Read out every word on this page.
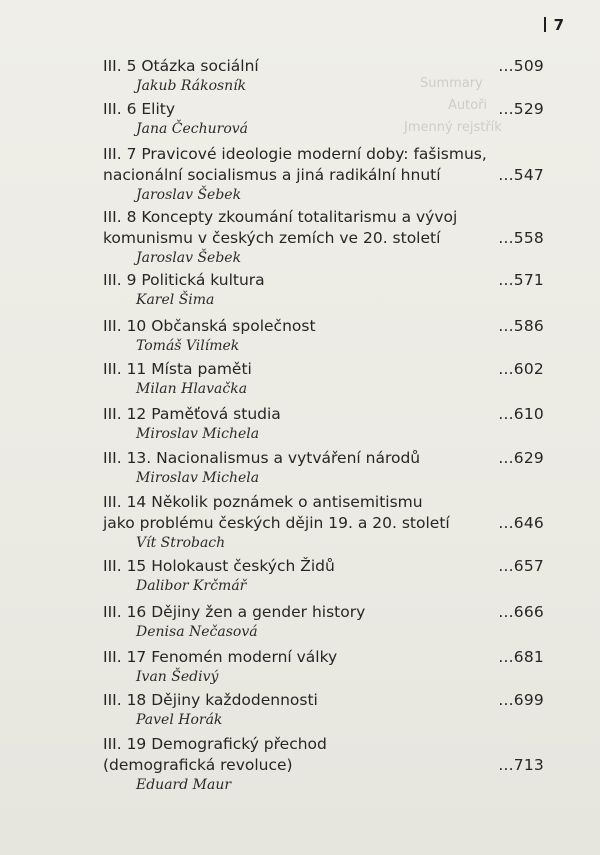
Summary
Autoři
Jmenný rejstřík
7
III. 5 Otázka sociální	...509
Jakub Rákosník
III. 6 Elity	...529
Jana Čechurová
III. 7 Pravicové ideologie moderní doby: fašismus,
nacionální socialismus a jiná radikální hnutí	...547
Jaroslav Šebek
III. 8 Koncepty zkoumání totalitarismu a vývoj
komunismu v českých zemích ve 20. století	...558
Jaroslav Šebek
III. 9 Politická kultura	...571
Karel Šima
III. 10 Občanská společnost	...586
Tomáš Vilímek
III. 11 Místa paměti	...602
Milan Hlavačka
III. 12 Paměťová studia	...610
Miroslav Michela
III. 13. Nacionalismus a vytváření národů	...629
Miroslav Michela
III. 14 Několik poznámek o antisemitismu
jako problému českých dějin 19. a 20. století	...646
Vít Strobach
III. 15 Holokaust českých Židů	...657
Dalibor Krčmář
III. 16 Dějiny žen a gender history	...666
Denisa Nečasová
III. 17 Fenomén moderní války	...681
Ivan Šedivý
III. 18 Dějiny každodennosti	...699
Pavel Horák
III. 19 Demografický přechod
(demografická revoluce)	...713
Eduard Maur
